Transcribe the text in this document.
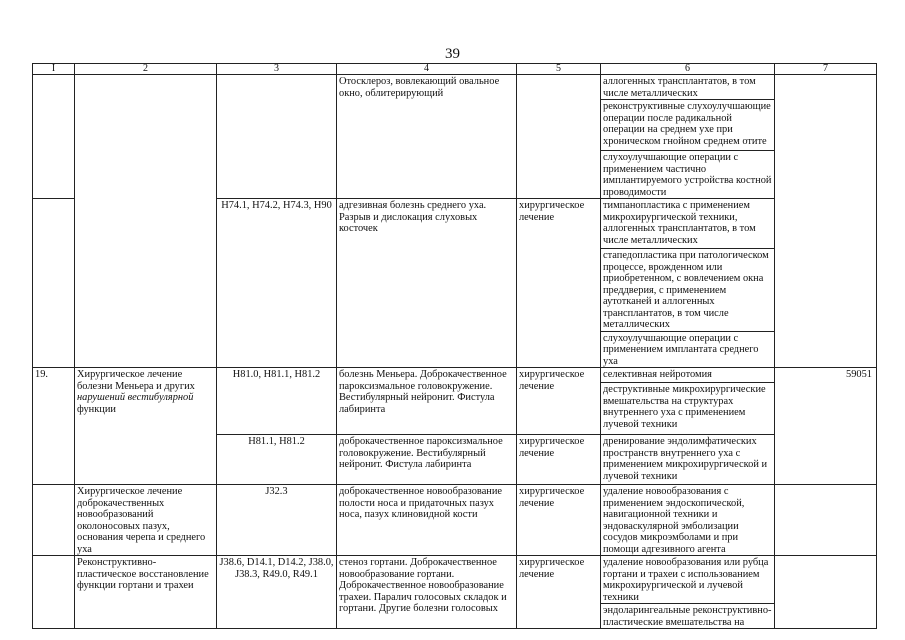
39
I	2	3	4	5	6	7
			Отосклероз, вовлекающий овальное окно, облитерирующий		аллогенных трансплантатов, в том числе металлических	
					реконструктивные слухоулучшающие операции после радикальной операции на среднем ухе при хроническом гнойном среднем отите	
					слухоулучшающие операции с применением частично имплантируемого устройства костной проводимости	
		H74.1, H74.2, H74.3, H90	адгезивная болезнь среднего уха. Разрыв и дислокация слуховых косточек	хирургическое лечение	тимпанопластика с применением микрохирургической техники, аллогенных трансплантатов, в том числе металлических	
					стапедопластика при патологическом процессе, врожденном или приобретенном, с вовлечением окна преддверия, с применением аутотканей и аллогенных трансплантатов, в том числе металлических	
					слухоулучшающие операции с применением имплантата среднего уха	
19.	Хирургическое лечение болезни Меньера и других нарушений вестибулярной функции	H81.0, H81.1, H81.2	болезнь Меньера. Доброкачественное пароксизмальное головокружение. Вестибулярный нейронит. Фистула лабиринта	хирургическое лечение	селективная нейротомия	59051
					деструктивные микрохирургические вмешательства на структурах внутреннего уха с применением лучевой техники	
		H81.1, H81.2	доброкачественное пароксизмальное головокружение. Вестибулярный нейронит. Фистула лабиринта	хирургическое лечение	дренирование эндолимфатических пространств внутреннего уха с применением микрохирургической и лучевой техники	
	Хирургическое лечение доброкачественных новообразований околоносовых пазух, основания черепа и среднего уха	J32.3	доброкачественное новообразование полости носа и придаточных пазух носа, пазух клиновидной кости	хирургическое лечение	удаление новообразования с применением эндоскопической, навигационной техники и эндоваскулярной эмболизации сосудов микроэмболами и при помощи адгезивного агента	
	Реконструктивно-пластическое восстановление функции гортани и трахеи	J38.6, D14.1, D14.2, J38.0, J38.3, R49.0, R49.1	стеноз гортани. Доброкачественное новообразование гортани. Доброкачественное новообразование трахеи. Паралич голосовых складок и гортани. Другие болезни голосовых	хирургическое лечение	удаление новообразования или рубца гортани и трахеи с использованием микрохирургической и лучевой техники	
					эндоларингеальные реконструктивно-пластические вмешательства на	
